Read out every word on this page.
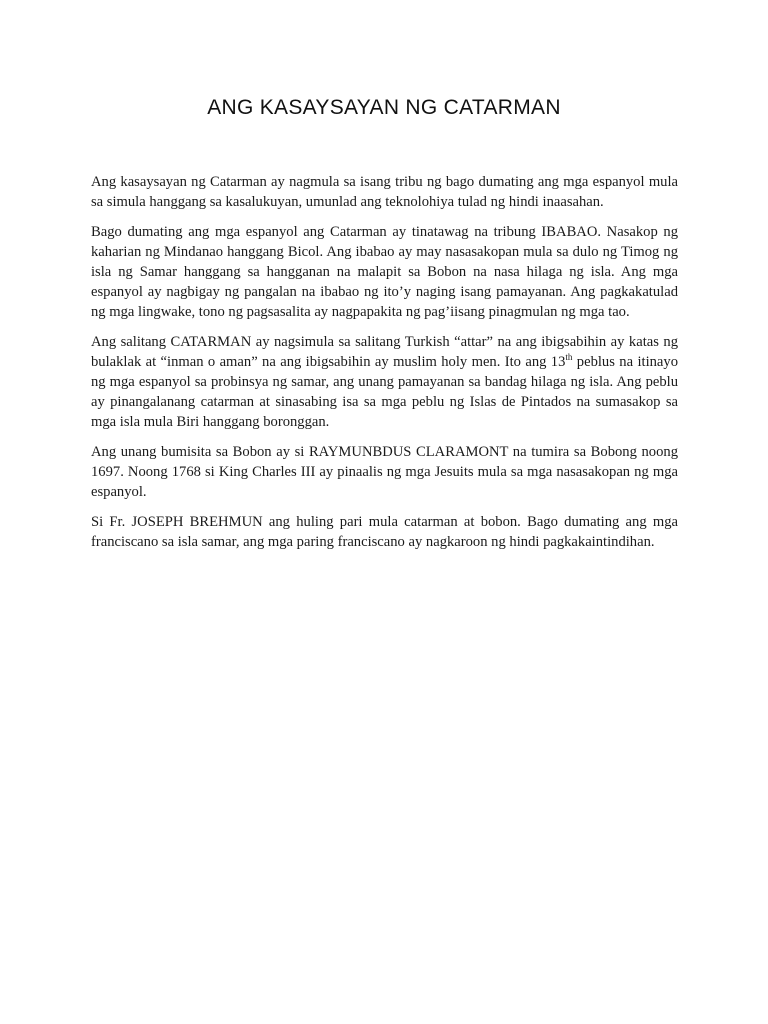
ANG KASAYSAYAN NG CATARMAN

Ang kasaysayan ng Catarman ay nagmula sa isang tribu ng bago dumating ang mga espanyol mula sa simula hanggang sa kasalukuyan, umunlad ang teknolohiya tulad ng hindi inaasahan.

Bago dumating ang mga espanyol ang Catarman ay tinatawag na tribung IBABAO. Nasakop ng kaharian ng Mindanao hanggang Bicol. Ang ibabao ay may nasasakopan mula sa dulo ng Timog ng isla ng Samar hanggang sa hangganan na malapit sa Bobon na nasa hilaga ng isla. Ang mga espanyol ay nagbigay ng pangalan na ibabao ng ito’y naging isang pamayanan. Ang pagkakatulad ng mga lingwake, tono ng pagsasalita ay nagpapakita ng pag’iisang pinagmulan ng mga tao.

Ang salitang CATARMAN ay nagsimula sa salitang Turkish “attar” na ang ibigsabihin ay katas ng bulaklak at “inman o aman” na ang ibigsabihin ay muslim holy men. Ito ang 13th peblus na itinayo ng mga espanyol sa probinsya ng samar, ang unang pamayanan sa bandag hilaga ng isla. Ang peblu ay pinangalanang catarman at sinasabing isa sa mga peblu ng Islas de Pintados na sumasakop sa mga isla mula Biri hanggang boronggan.

Ang unang bumisita sa Bobon ay si RAYMUNBDUS CLARAMONT na tumira sa Bobong noong 1697. Noong 1768 si King Charles III ay pinaalis ng mga Jesuits mula sa mga nasasakopan ng mga espanyol.

Si Fr. JOSEPH BREHMUN ang huling pari mula catarman at bobon. Bago dumating ang mga franciscano sa isla samar, ang mga paring franciscano ay nagkaroon ng hindi pagkakaintindihan.
